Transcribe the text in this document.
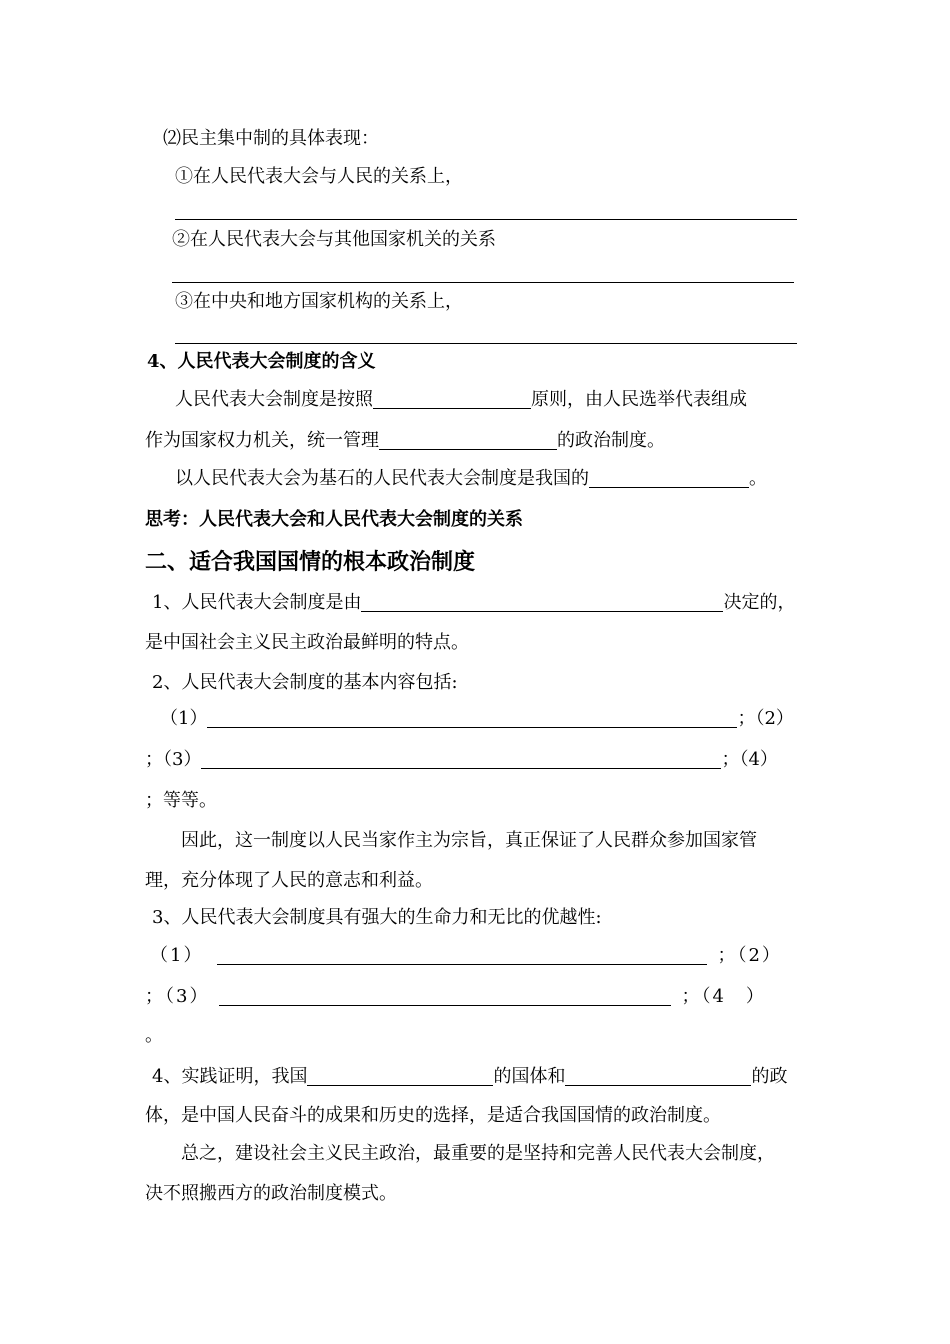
⑵民主集中制的具体表现：
①在人民代表大会与人民的关系上，
②在人民代表大会与其他国家机关的关系
③在中央和地方国家机构的关系上，
4、人民代表大会制度的含义
人民代表大会制度是按照	原则，由人民选举代表组成
作为国家权力机关，统一管理	的政治制度。
以人民代表大会为基石的人民代表大会制度是我国的	。
思考：人民代表大会和人民代表大会制度的关系
二、适合我国国情的根本政治制度
1、人民代表大会制度是由	决定的，
是中国社会主义民主政治最鲜明的特点。
2、人民代表大会制度的基本内容包括:
（1）	；（2）
；（3）	；（4）
；等等。
因此，这一制度以人民当家作主为宗旨，真正保证了人民群众参加国家管
理，充分体现了人民的意志和利益。
3、人民代表大会制度具有强大的生命力和无比的优越性:
（1）	；（2）
；（3）	；（4　）
。
4、实践证明，我国	的国体和	的政
体，是中国人民奋斗的成果和历史的选择，是适合我国国情的政治制度。
总之，建设社会主义民主政治，最重要的是坚持和完善人民代表大会制度，
决不照搬西方的政治制度模式。
